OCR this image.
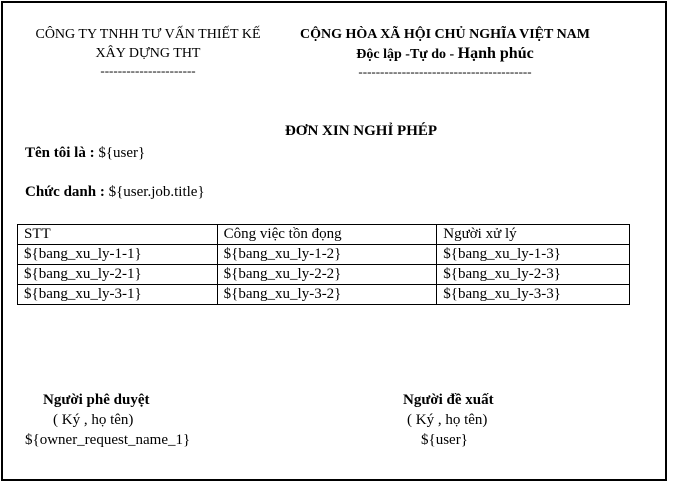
CÔNG TY TNHH TƯ VẤN THIẾT KẾ
XÂY DỰNG THT
----------------------
CỘNG HÒA XÃ HỘI CHỦ NGHĨA VIỆT NAM
Độc lập -Tự do - Hạnh phúc
----------------------------------------
ĐƠN XIN NGHỈ PHÉP
Tên tôi là : ${user}
Chức danh : ${user.job.title}
STT	Công việc tồn đọng	Người xử lý
${bang_xu_ly-1-1}	${bang_xu_ly-1-2}	${bang_xu_ly-1-3}
${bang_xu_ly-2-1}	${bang_xu_ly-2-2}	${bang_xu_ly-2-3}
${bang_xu_ly-3-1}	${bang_xu_ly-3-2}	${bang_xu_ly-3-3}
Người phê duyệt
( Ký , họ tên)
${owner_request_name_1}
Người đề xuất
( Ký , họ tên)
${user}
